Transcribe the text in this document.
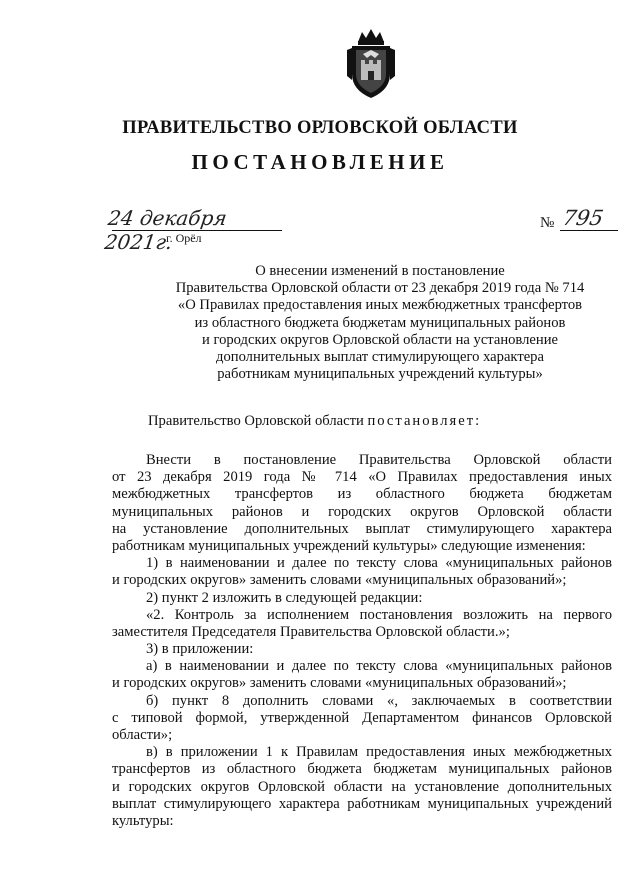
ПРАВИТЕЛЬСТВО ОРЛОВСКОЙ ОБЛАСТИ
ПОСТАНОВЛЕНИЕ
24 декабря 2021г.
г. Орёл
№ 795
О внесении изменений в постановление
Правительства Орловской области от 23 декабря 2019 года № 714
«О Правилах предоставления иных межбюджетных трансфертов
из областного бюджета бюджетам муниципальных районов
и городских округов Орловской области на установление
дополнительных выплат стимулирующего характера
работникам муниципальных учреждений культуры»
Правительство Орловской области постановляет:
Внести в постановление Правительства Орловской области
от 23 декабря 2019 года № 714 «О Правилах предоставления иных
межбюджетных трансфертов из областного бюджета бюджетам
муниципальных районов и городских округов Орловской области
на установление дополнительных выплат стимулирующего характера
работникам муниципальных учреждений культуры» следующие изменения:
1) в наименовании и далее по тексту слова «муниципальных районов
и городских округов» заменить словами «муниципальных образований»;
2) пункт 2 изложить в следующей редакции:
«2. Контроль за исполнением постановления возложить на первого
заместителя Председателя Правительства Орловской области.»;
3) в приложении:
а) в наименовании и далее по тексту слова «муниципальных районов
и городских округов» заменить словами «муниципальных образований»;
б) пункт 8 дополнить словами «, заключаемых в соответствии
с типовой формой, утвержденной Департаментом финансов Орловской
области»;
в) в приложении 1 к Правилам предоставления иных межбюджетных
трансфертов из областного бюджета бюджетам муниципальных районов
и городских округов Орловской области на установление дополнительных
выплат стимулирующего характера работникам муниципальных учреждений
культуры:
